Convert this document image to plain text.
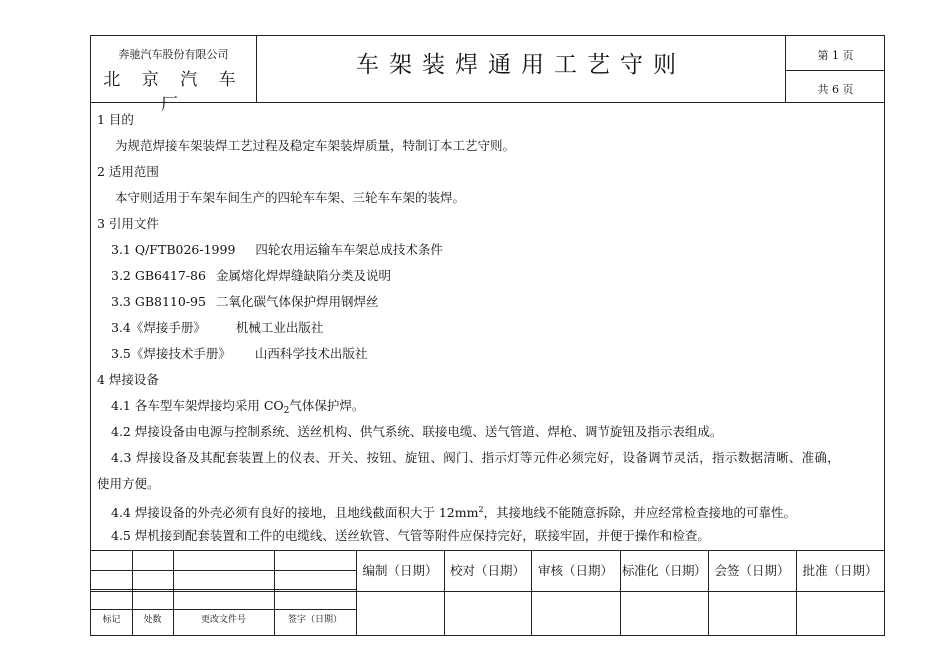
奔驰汽车股份有限公司
北 京 汽 车 厂
车架装焊通用工艺守则	第 1 页
共 6 页
1 目的
为规范焊接车架装焊工艺过程及稳定车架装焊质量，特制订本工艺守则。
2 适用范围
本守则适用于车架车间生产的四轮车车架、三轮车车架的装焊。
3 引用文件
3.1 Q/FTB026-1999 四轮农用运输车车架总成技术条件
3.2 GB6417-86 金属熔化焊焊缝缺陷分类及说明
3.3 GB8110-95 二氧化碳气体保护焊用钢焊丝
3.4《焊接手册》 机械工业出版社
3.5《焊接技术手册》 山西科学技术出版社
4 焊接设备
4.1 各车型车架焊接均采用 $CO_2$气体保护焊。
4.2 焊接设备由电源与控制系统、送丝机构、供气系统、联接电缆、送气管道、焊枪、调节旋钮及指示表组成。
4.3 焊接设备及其配套装置上的仪表、开关、按钮、旋钮、阀门、指示灯等元件必须完好，设备调节灵活，指示数据清晰、准确，
使用方便。
4.4 焊接设备的外壳必须有良好的接地，且地线截面积大于 $12mm^2$，其接地线不能随意拆除，并应经常检查接地的可靠性。
4.5 焊机接到配套装置和工件的电缆线、送丝软管、气管等附件应保持完好，联接牢固，并便于操作和检查。
编制（日期） 校对（日期）	审核（日期） 标准化（日期） 会签（日期）	批准（日期）
标记	处数	更改文件号	签字（日期）
